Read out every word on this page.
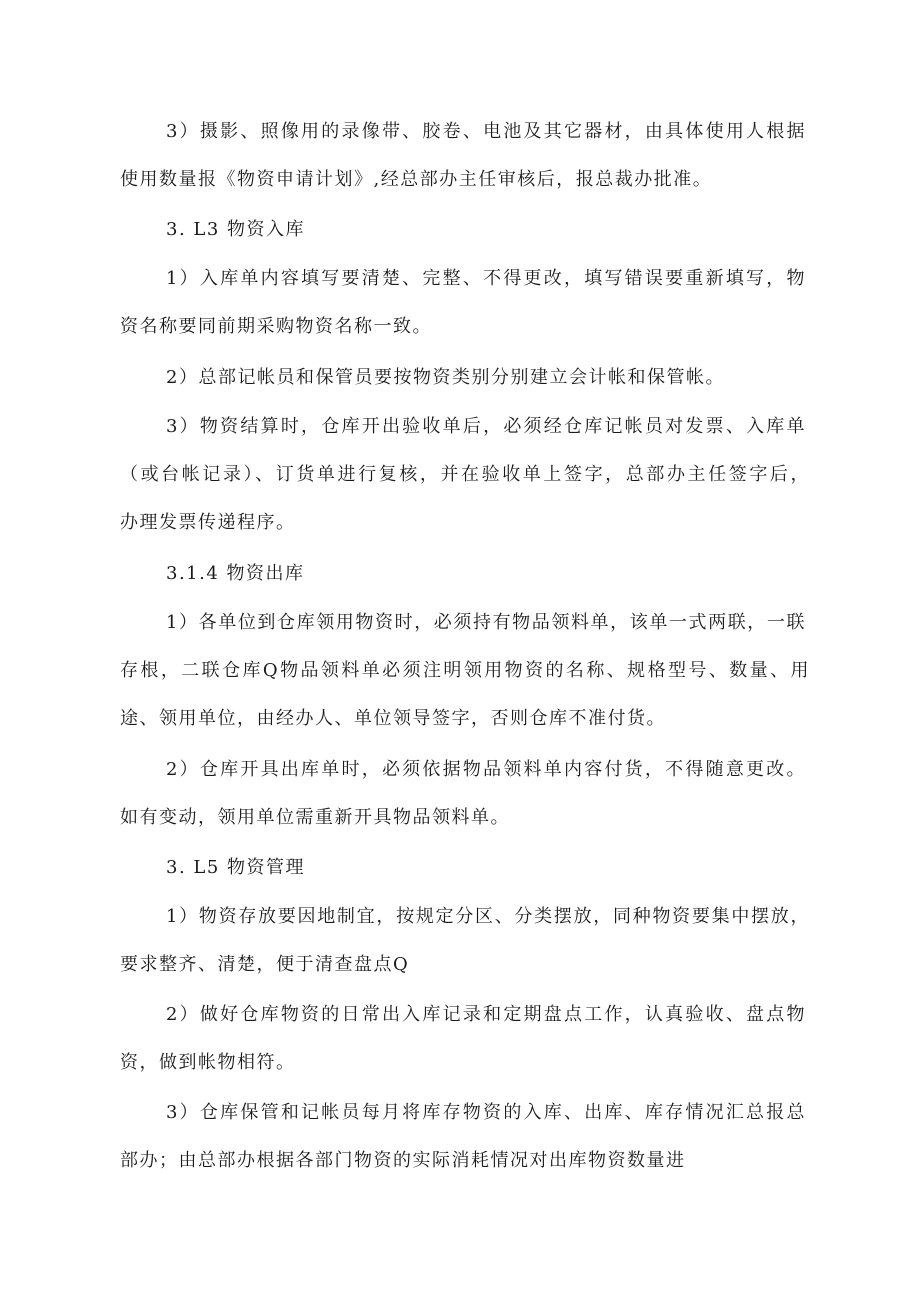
3）摄影、照像用的录像带、胶卷、电池及其它器材，由具体使用人根据
使用数量报《物资申请计划》,经总部办主任审核后，报总裁办批准。
3. L3 物资入库
1）入库单内容填写要清楚、完整、不得更改，填写错误要重新填写，物
资名称要同前期采购物资名称一致。
2）总部记帐员和保管员要按物资类别分别建立会计帐和保管帐。
3）物资结算时，仓库开出验收单后，必须经仓库记帐员对发票、入库单
（或台帐记录）、订货单进行复核，并在验收单上签字，总部办主任签字后，
办理发票传递程序。
3.1.4 物资出库
1）各单位到仓库领用物资时，必须持有物品领料单，该单一式两联，一联
存根，二联仓库Q物品领料单必须注明领用物资的名称、规格型号、数量、用
途、领用单位，由经办人、单位领导签字，否则仓库不准付货。
2）仓库开具出库单时，必须依据物品领料单内容付货，不得随意更改。
如有变动，领用单位需重新开具物品领料单。
3. L5 物资管理
1）物资存放要因地制宜，按规定分区、分类摆放，同种物资要集中摆放，
要求整齐、清楚，便于清查盘点Q
2）做好仓库物资的日常出入库记录和定期盘点工作，认真验收、盘点物
资，做到帐物相符。
3）仓库保管和记帐员每月将库存物资的入库、出库、库存情况汇总报总
部办；由总部办根据各部门物资的实际消耗情况对出库物资数量进
